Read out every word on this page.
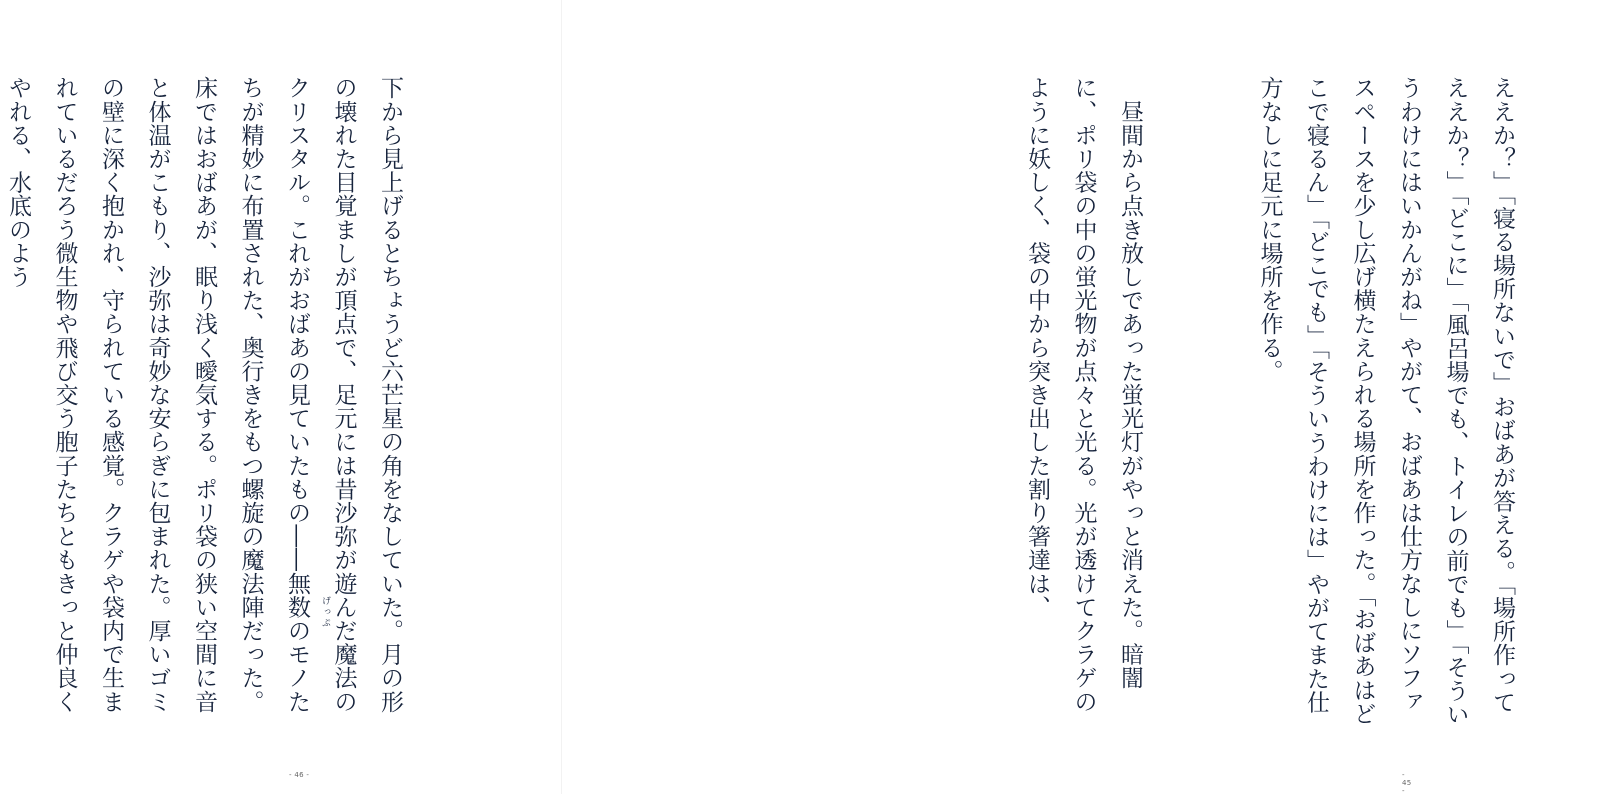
下から見上げるとちょうど六芒星の角をなしていた。月の形の壊れた目覚ましが頂点で、足元には昔沙弥が遊んだ魔法のクリスタル。これがおばあの見ていたもの――無数のモノたちが精妙に布置された、奥行きをもつ螺旋の魔法陣だった。床ではおばあが、眠り浅く曖気する。ポリ袋の狭い空間に音と体温がこもり、沙弥は奇妙な安らぎに包まれた。厚いゴミの壁に深く抱かれ、守られている感覚。クラゲや袋内で生まれているだろう微生物や飛び交う胞子たちともきっと仲良くやれる、水底のよう

げっぷ
- 46 -

ええか？」「寝る場所ないで」おばあが答える。「場所作ってええか？」「どこに」「風呂場でも、トイレの前でも」「そういうわけにはいかんがね」やがて、おばあは仕方なしにソファスペースを少し広げ横たえられる場所を作った。「おばあはどこで寝るん」「どこでも」「そういうわけには」やがてまた仕方なしに足元に場所を作る。

　昼間から点き放しであった蛍光灯がやっと消えた。暗闇に、ポリ袋の中の蛍光物が点々と光る。光が透けてクラゲのように妖しく、袋の中から突き出した割り箸達は、

- 45 -
